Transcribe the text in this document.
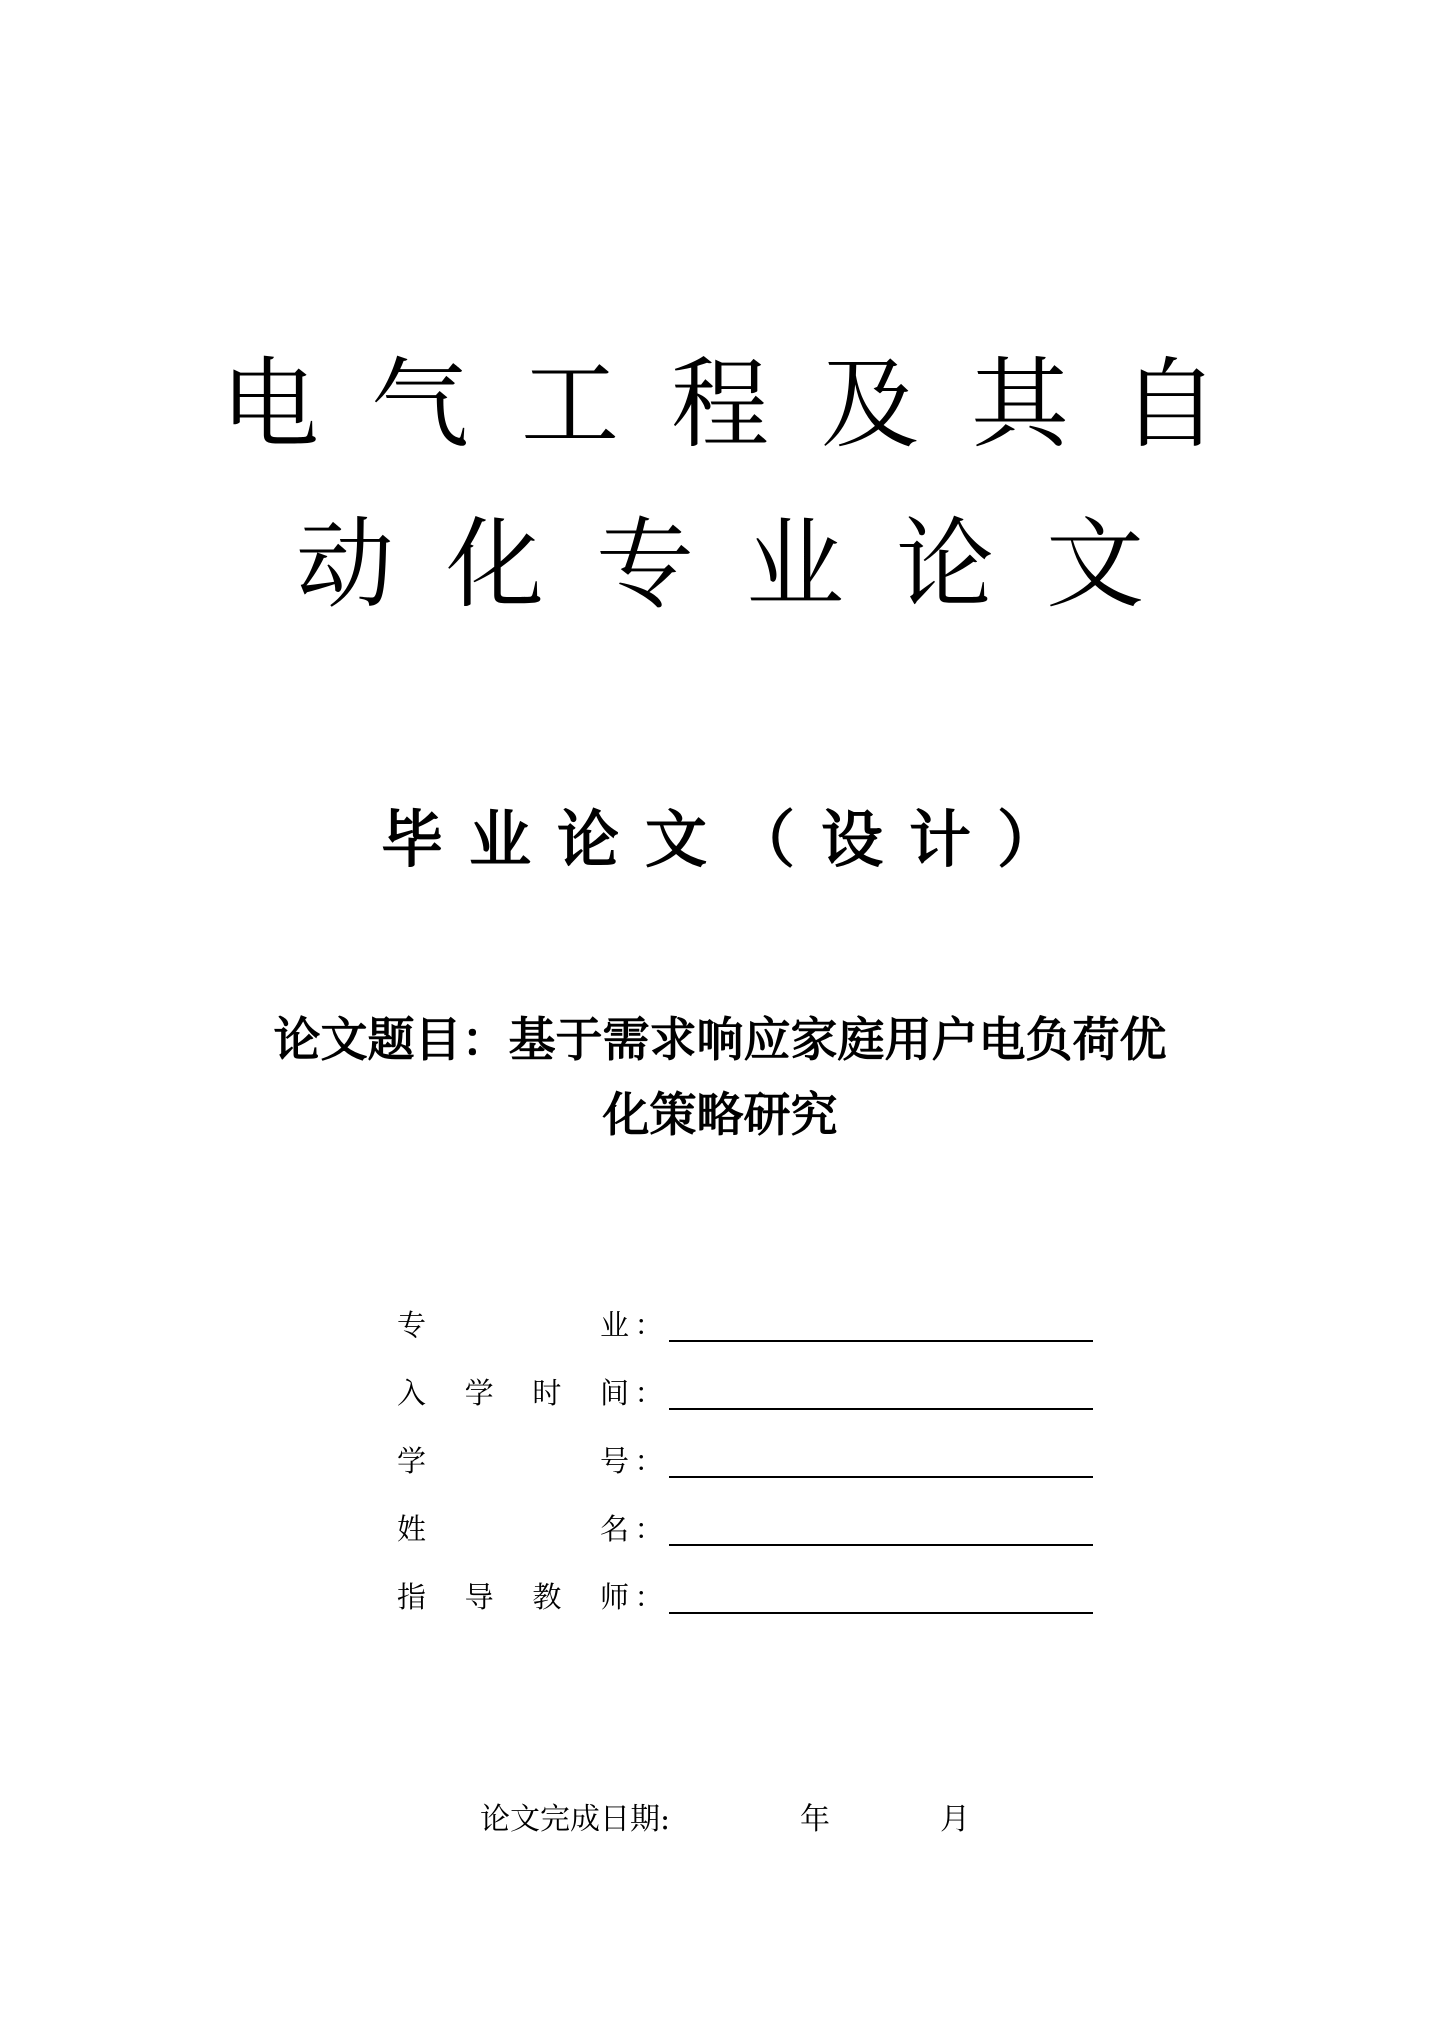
电气工程及其自
动化专业论文
毕业论文（设计）
论文题目：基于需求响应家庭用户电负荷优
化策略研究
专	业 ：
入 学 时 间 ：
学	号 ：
姓	名 ：
指 导 教 师 ：
论文完成日期:	年	月
